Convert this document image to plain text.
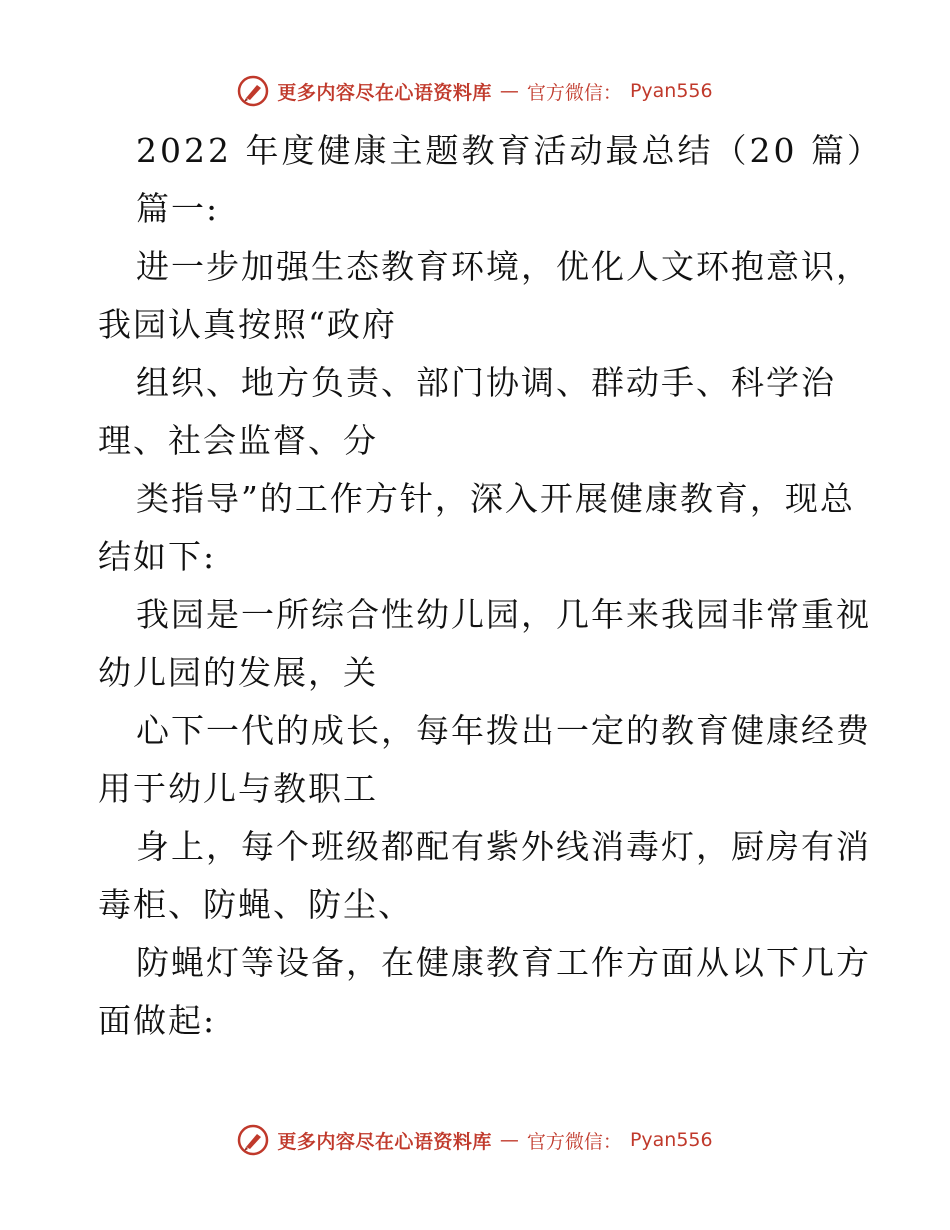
更多内容尽在心语资料库 — 官方微信： Pyan556
2022 年度健康主题教育活动最总结（20 篇）
篇一:
进一步加强生态教育环境，优化人文环抱意识，
我园认真按照“政府
组织、地方负责、部门协调、群动手、科学治
理、社会监督、分
类指导”的工作方针，深入开展健康教育，现总
结如下:
我园是一所综合性幼儿园，几年来我园非常重视
幼儿园的发展，关
心下一代的成长，每年拨出一定的教育健康经费
用于幼儿与教职工
身上，每个班级都配有紫外线消毒灯，厨房有消
毒柜、防蝇、防尘、
防蝇灯等设备，在健康教育工作方面从以下几方
面做起:
更多内容尽在心语资料库 — 官方微信： Pyan556
